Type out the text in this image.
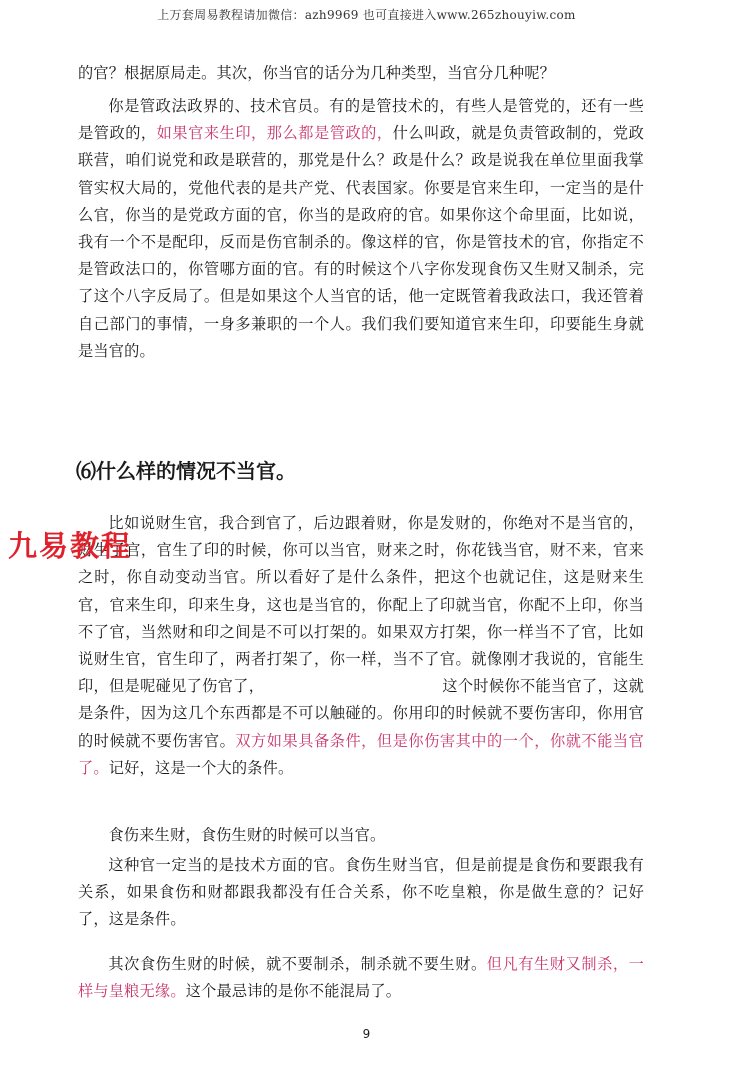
上万套周易教程请加微信：azh9969 也可直接进入www.265zhouyiw.com
的官？根据原局走。其次，你当官的话分为几种类型，当官分几种呢？
你是管政法政界的、技术官员。有的是管技术的，有些人是管党的，还有一些是管政的，如果官来生印，那么都是管政的，什么叫政，就是负责管政制的，党政联营，咱们说党和政是联营的，那党是什么？政是什么？政是说我在单位里面我掌管实权大局的，党他代表的是共产党、代表国家。你要是官来生印，一定当的是什么官，你当的是党政方面的官，你当的是政府的官。如果你这个命里面，比如说，我有一个不是配印，反而是伤官制杀的。像这样的官，你是管技术的官，你指定不是管政法口的，你管哪方面的官。有的时候这个八字你发现食伤又生财又制杀，完了这个八字反局了。但是如果这个人当官的话，他一定既管着我政法口，我还管着自己部门的事情，一身多兼职的一个人。我们我们要知道官来生印，印要能生身就是当官的。
⑹什么样的情况不当官。
比如说财生官，我合到官了，后边跟着财，你是发财的，你绝对不是当官的，财生了官，官生了印的时候，你可以当官，财来之时，你花钱当官，财不来，官来之时，你自动变动当官。所以看好了是什么条件，把这个也就记住，这是财来生官，官来生印，印来生身，这也是当官的，你配上了印就当官，你配不上印，你当不了官，当然财和印之间是不可以打架的。如果双方打架，你一样当不了官，比如说财生官，官生印了，两者打架了，你一样，当不了官。就像刚才我说的，官能生印，但是呢碰见了伤官了，	这个时候你不能当官了，这就是条件，因为这几个东西都是不可以触碰的。你用印的时候就不要伤害印，你用官的时候就不要伤害官。双方如果具备条件，但是你伤害其中的一个，你就不能当官了。记好，这是一个大的条件。
食伤来生财，食伤生财的时候可以当官。
这种官一定当的是技术方面的官。食伤生财当官，但是前提是食伤和要跟我有关系，如果食伤和财都跟我都没有任合关系，你不吃皇粮，你是做生意的？记好了，这是条件。
其次食伤生财的时候，就不要制杀，制杀就不要生财。但凡有生财又制杀，一样与皇粮无缘。这个最忌讳的是你不能混局了。
九易教程
9
